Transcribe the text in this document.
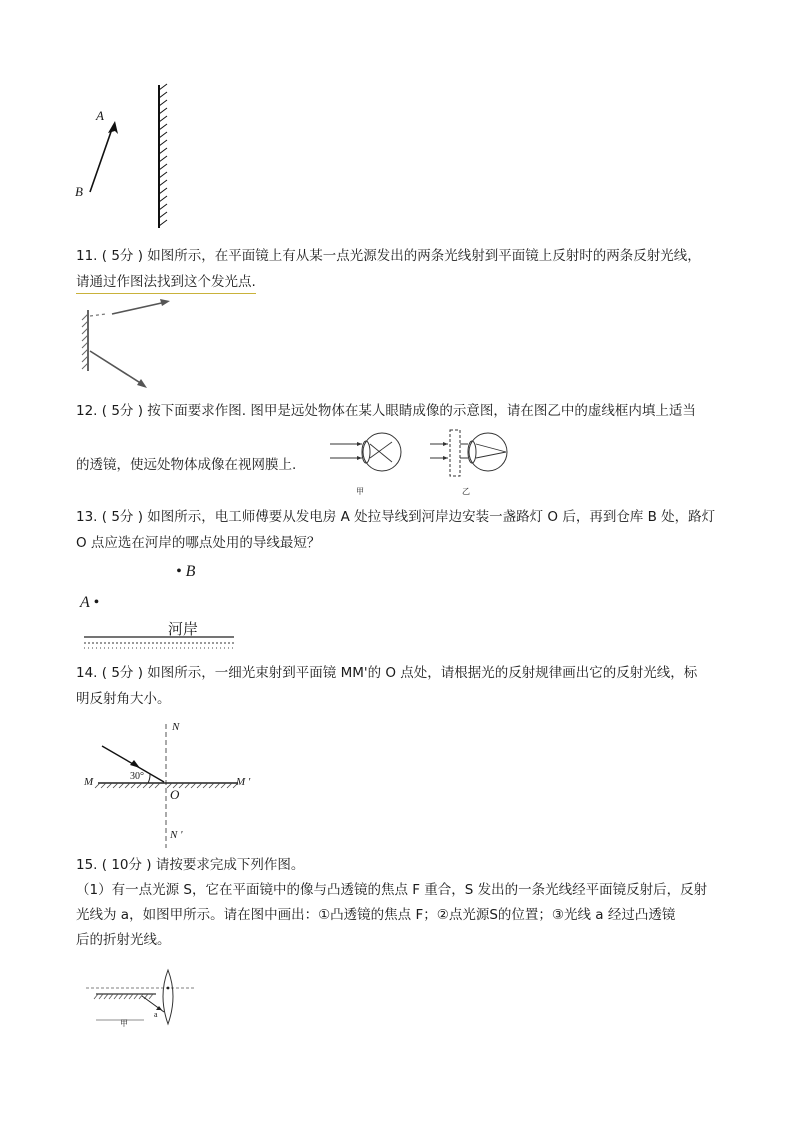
A
B
11. ( 5分 ) 如图所示，在平面镜上有从某一点光源发出的两条光线射到平面镜上反射时的两条反射光线，
请通过作图法找到这个发光点.
12. ( 5分 ) 按下面要求作图. 图甲是远处物体在某人眼睛成像的示意图，请在图乙中的虚线框内填上适当
的透镜，使远处物体成像在视网膜上.
甲	乙
13. ( 5分 ) 如图所示，电工师傅要从发电房 A 处拉导线到河岸边安装一盏路灯 O 后，再到仓库 B 处，路灯
O 点应选在河岸的哪点处用的导线最短？
• B
A •
河岸
14. ( 5分 ) 如图所示，一细光束射到平面镜 MM'的 O 点处，请根据光的反射规律画出它的反射光线，标
明反射角大小。
N
N '
M	M '
O
30°
15. ( 10分 ) 请按要求完成下列作图。
（1）有一点光源 S，它在平面镜中的像与凸透镜的焦点 F 重合，S 发出的一条光线经平面镜反射后，反射
光线为 a，如图甲所示。请在图中画出：①凸透镜的焦点 F；②点光源S的位置；③光线 a 经过凸透镜
后的折射光线。
a
甲
